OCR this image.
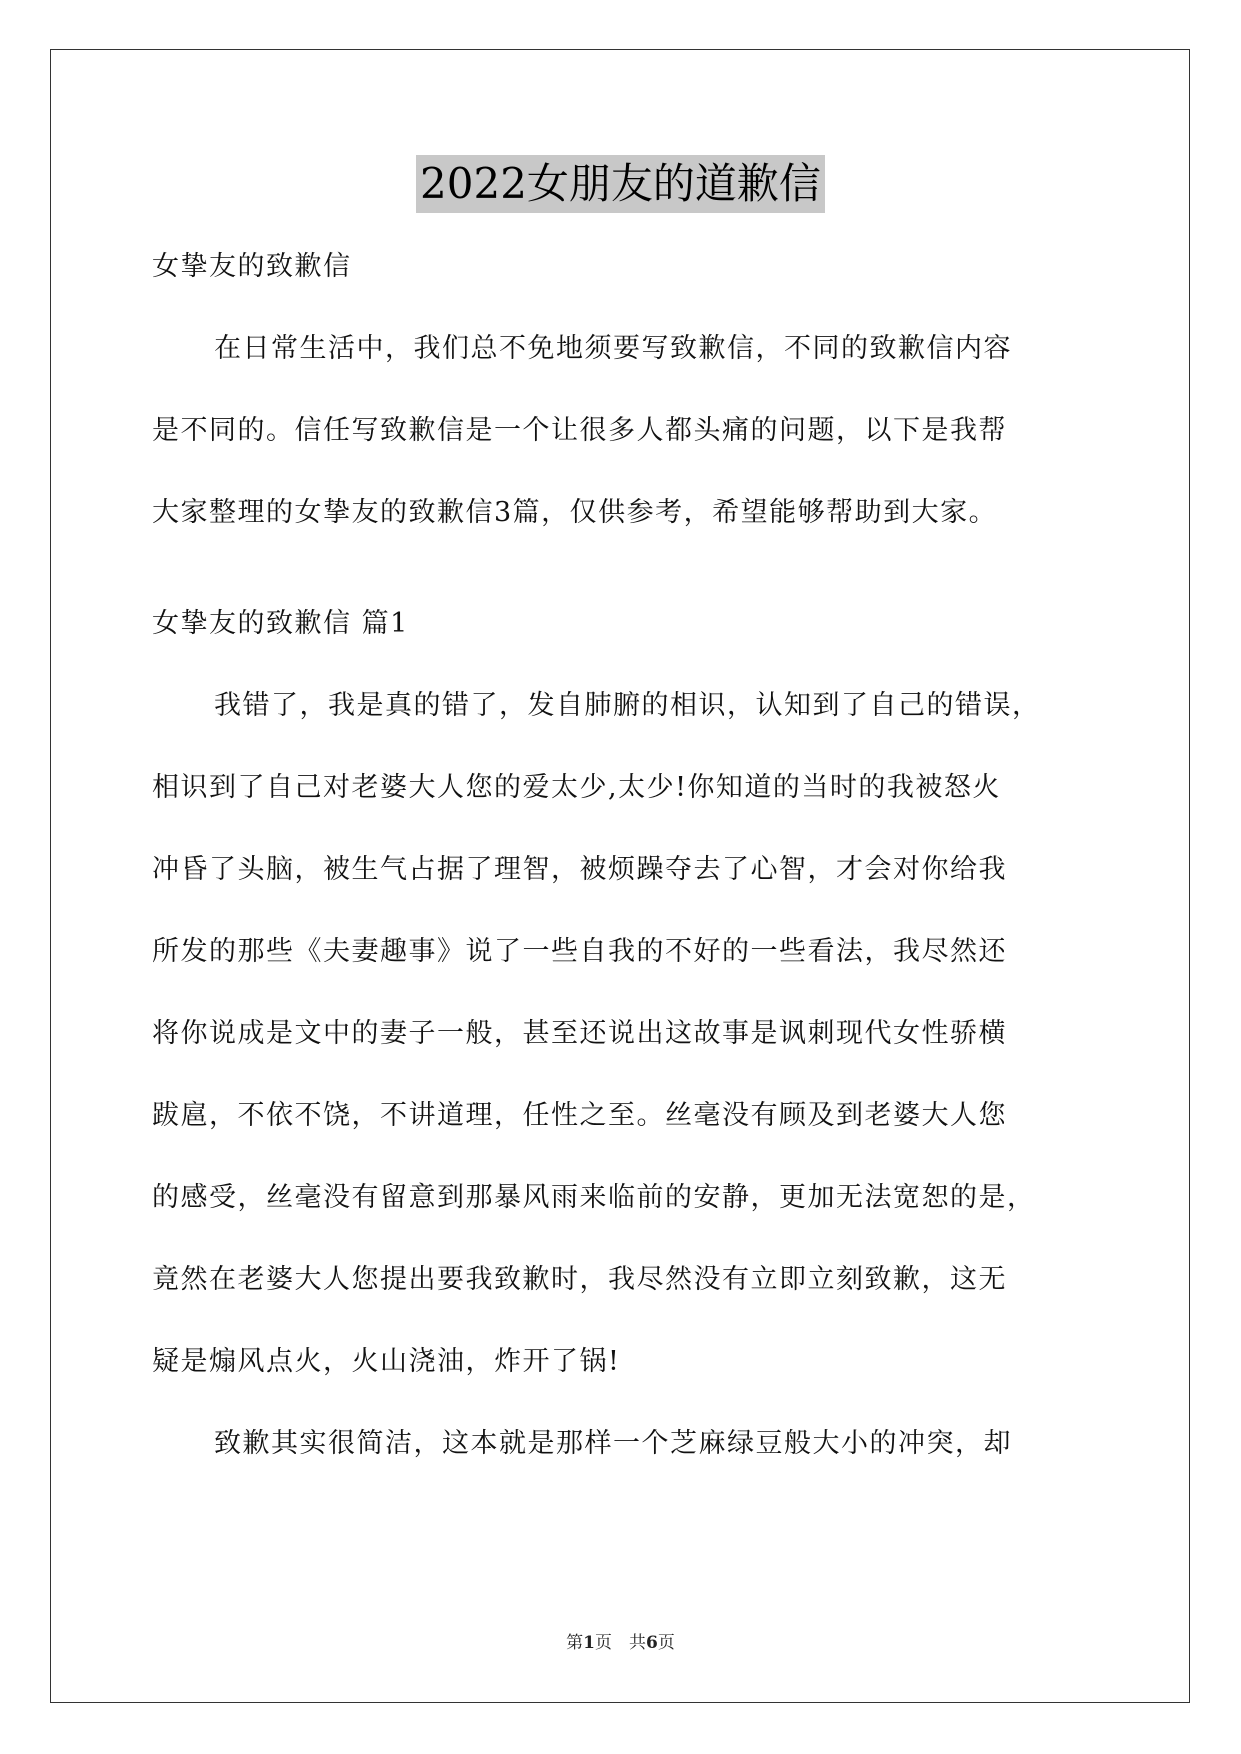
2022女朋友的道歉信
女挚友的致歉信
在日常生活中，我们总不免地须要写致歉信，不同的致歉信内容
是不同的。信任写致歉信是一个让很多人都头痛的问题，以下是我帮
大家整理的女挚友的致歉信3篇，仅供参考，希望能够帮助到大家。
女挚友的致歉信 篇1
我错了，我是真的错了，发自肺腑的相识，认知到了自己的错误，
相识到了自己对老婆大人您的爱太少,太少!你知道的当时的我被怒火
冲昏了头脑，被生气占据了理智，被烦躁夺去了心智，才会对你给我
所发的那些《夫妻趣事》说了一些自我的不好的一些看法，我尽然还
将你说成是文中的妻子一般，甚至还说出这故事是讽刺现代女性骄横
跋扈，不依不饶，不讲道理，任性之至。丝毫没有顾及到老婆大人您
的感受，丝毫没有留意到那暴风雨来临前的安静，更加无法宽恕的是，
竟然在老婆大人您提出要我致歉时，我尽然没有立即立刻致歉，这无
疑是煽风点火，火山浇油，炸开了锅!
致歉其实很简洁，这本就是那样一个芝麻绿豆般大小的冲突，却
第1页　共6页
